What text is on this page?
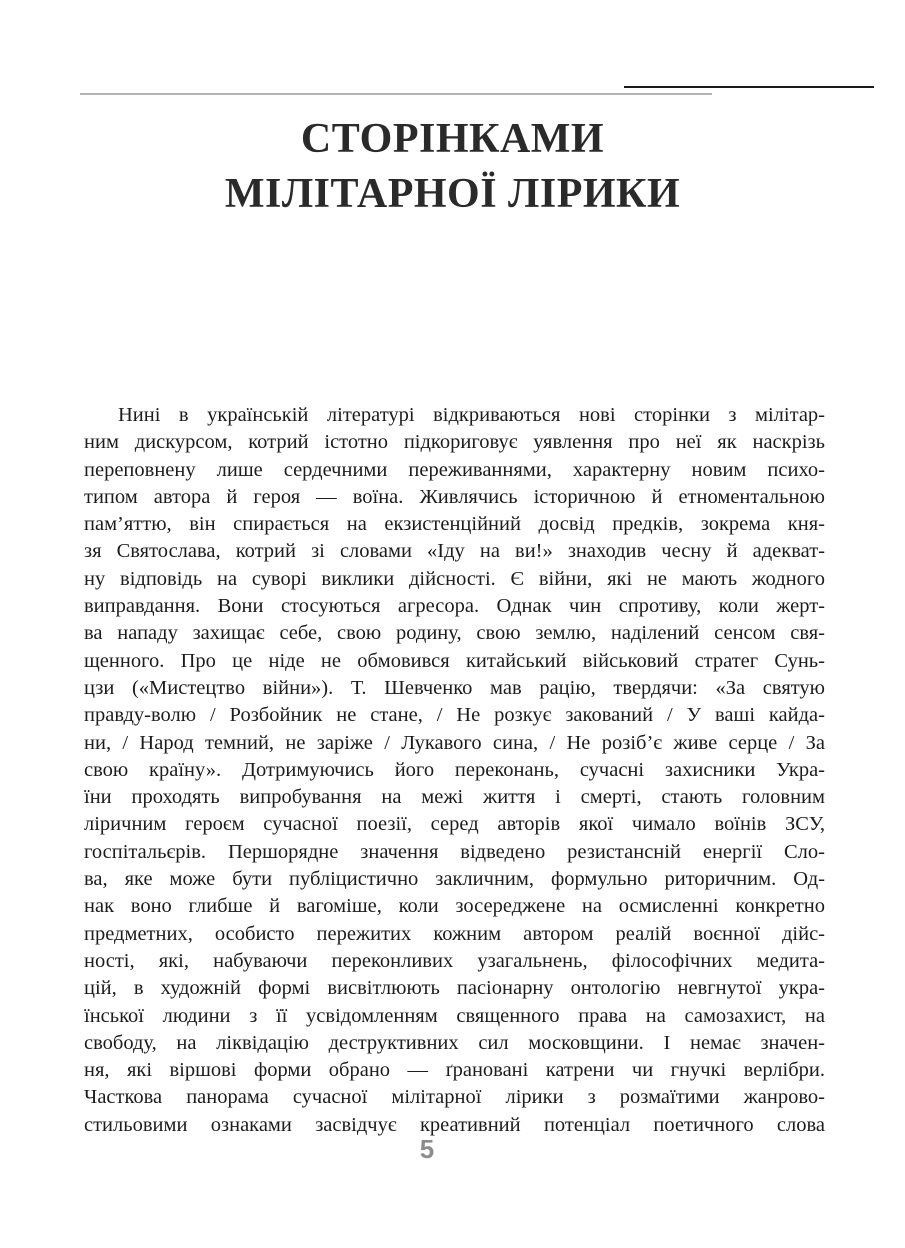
СТОРІНКАМИ
МІЛІТАРНОЇ ЛІРИКИ

Нині в українській літературі відкриваються нові сторінки з мілітар-
ним дискурсом, котрий істотно підкориговує уявлення про неї як наскрізь
переповнену лише сердечними переживаннями, характерну новим психо-
типом автора й героя — воїна. Живлячись історичною й етноментальною
пам’яттю, він спирається на екзистенційний досвід предків, зокрема кня-
зя Святослава, котрий зі словами «Іду на ви!» знаходив чесну й адекват-
ну відповідь на суворі виклики дійсності. Є війни, які не мають жодного
виправдання. Вони стосуються агресора. Однак чин спротиву, коли жерт-
ва нападу захищає себе, свою родину, свою землю, наділений сенсом свя-
щенного. Про це ніде не обмовився китайський військовий стратег Сунь-
цзи («Мистецтво війни»). Т. Шевченко мав рацію, твердячи: «За святую
правду-волю / Розбойник не стане, / Не розкує закований / У ваші кайда-
ни, / Народ темний, не заріже / Лукавого сина, / Не розіб’є живе серце / За
свою країну». Дотримуючись його переконань, сучасні захисники Укра-
їни проходять випробування на межі життя і смерті, стають головним
ліричним героєм сучасної поезії, серед авторів якої чимало воїнів ЗСУ,
госпітальєрів. Першорядне значення відведено резистансній енергії Сло-
ва, яке може бути публіцистично закличним, формульно риторичним. Од-
нак воно глибше й вагоміше, коли зосереджене на осмисленні конкретно
предметних, особисто пережитих кожним автором реалій воєнної дійс-
ності, які, набуваючи переконливих узагальнень, філософічних медита-
цій, в художній формі висвітлюють пасіонарну онтологію невгнутої укра-
їнської людини з її усвідомленням священного права на самозахист, на
свободу, на ліквідацію деструктивних сил московщини. І немає значен-
ня, які віршові форми обрано — ґрановані катрени чи гнучкі верлібри.
Часткова панорама сучасної мілітарної лірики з розмаїтими жанрово-
стильовими ознаками засвідчує креативний потенціал поетичного слова

5
